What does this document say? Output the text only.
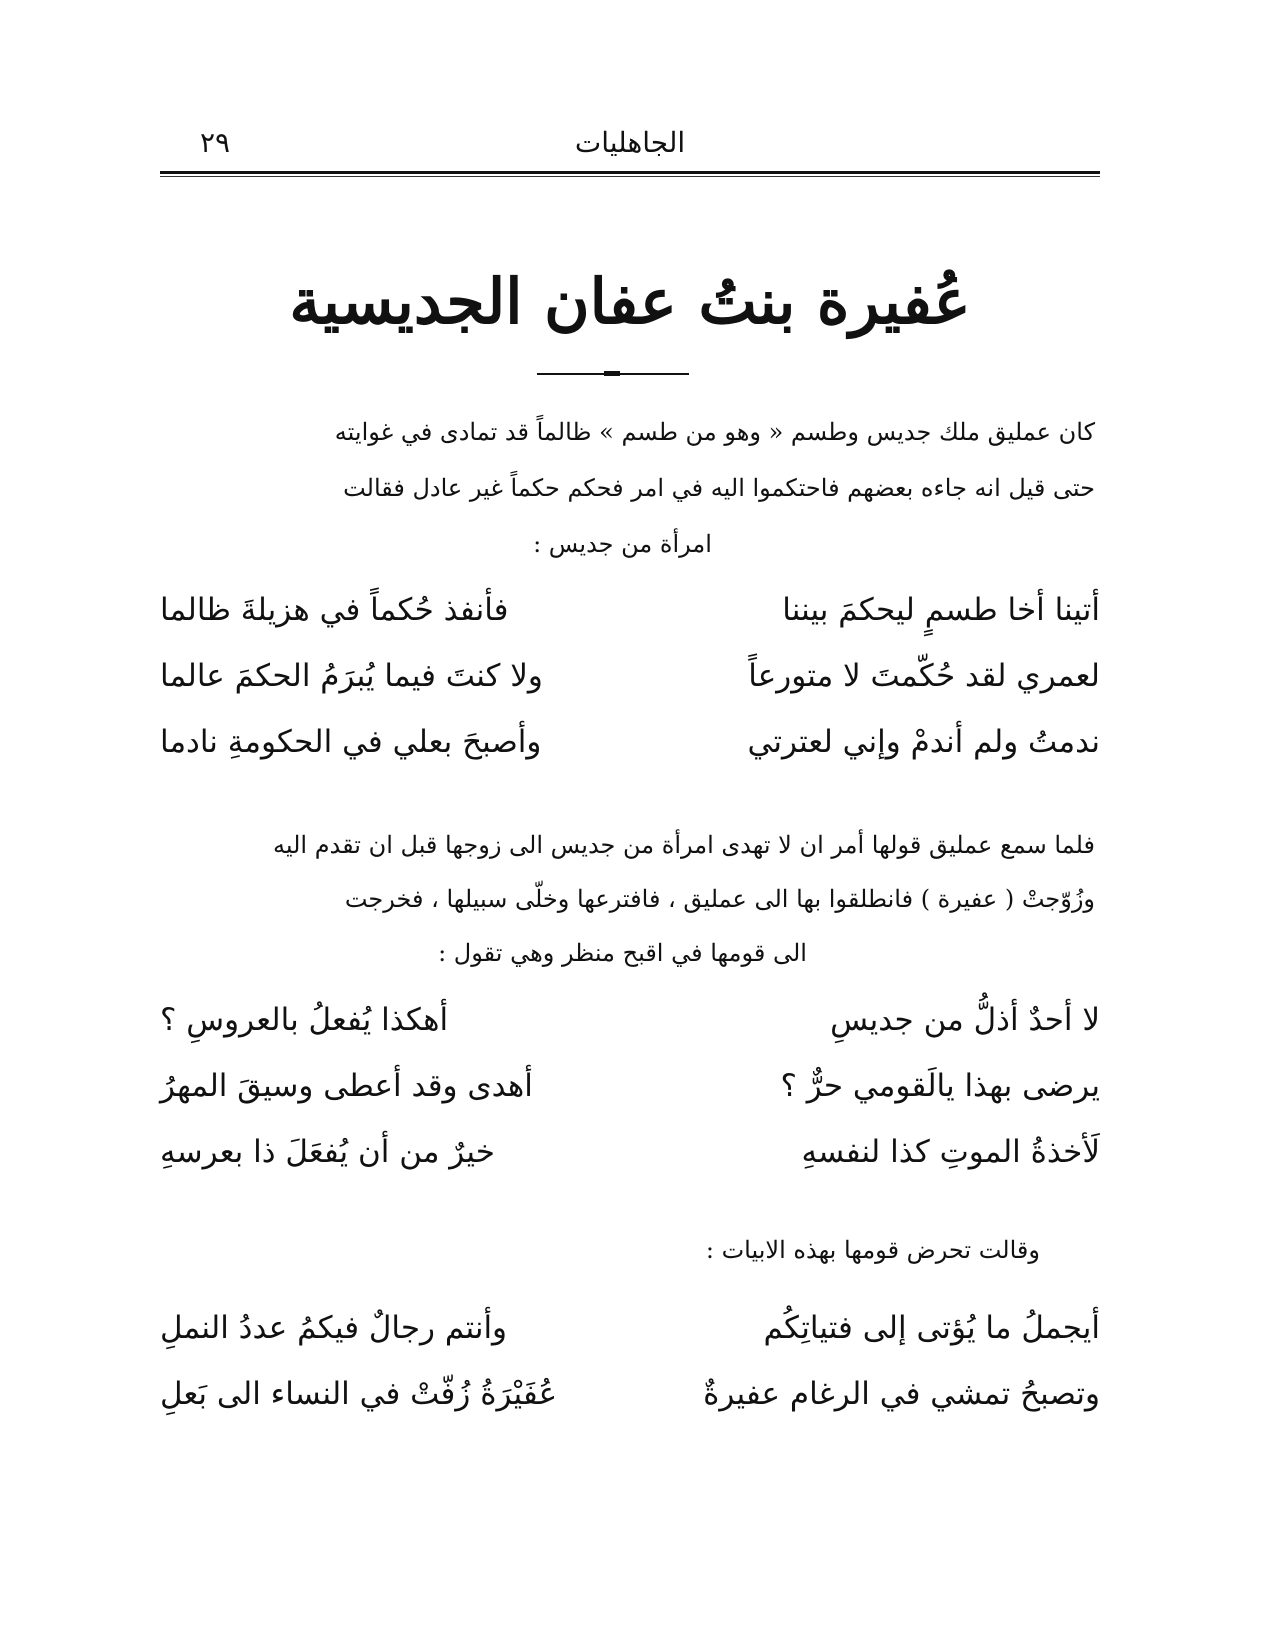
الجاهليات
٢٩
عُفيرة بنتُ عفان الجديسية

كان عمليق ملك جديس وطسم « وهو من طسم » ظالماً قد تمادى في غوايته

حتى قيل انه جاءه بعضهم فاحتكموا اليه في امر فحكم حكماً غير عادل فقالت

امرأة من جديس :

أتينا أخا طسمٍ ليحكمَ بيننا
فأنفذ حُكماً في هزيلةَ ظالما
لعمري لقد حُكّمتَ لا متورعاً
ولا كنتَ فيما يُبرَمُ الحكمَ عالما
ندمتُ ولم أندمْ وإني لعترتي
وأصبحَ بعلي في الحكومةِ نادما

فلما سمع عمليق قولها أمر ان لا تهدى امرأة من جديس الى زوجها قبل ان تقدم اليه

وزُوّجتْ ( عفيرة ) فانطلقوا بها الى عمليق ، فافترعها وخلّى سبيلها ، فخرجت

الى قومها في اقبح منظر وهي تقول :

لا أحدٌ أذلُّ من جديسِ
أهكذا يُفعلُ بالعروسِ ؟
يرضى بهذا يالَقومي حرٌّ ؟
أهدى وقد أعطى وسيقَ المهرُ
لَأخذةُ الموتِ كذا لنفسهِ
خيرٌ من أن يُفعَلَ ذا بعرسهِ
وقالت تحرض قومها بهذه الابيات :
أيجملُ ما يُؤتى إلى فتياتِكُم
وأنتم رجالٌ فيكمُ عددُ النملِ
وتصبحُ تمشي في الرغام عفيرةٌ
عُفَيْرَةُ زُفّتْ في النساء الى بَعلِ
